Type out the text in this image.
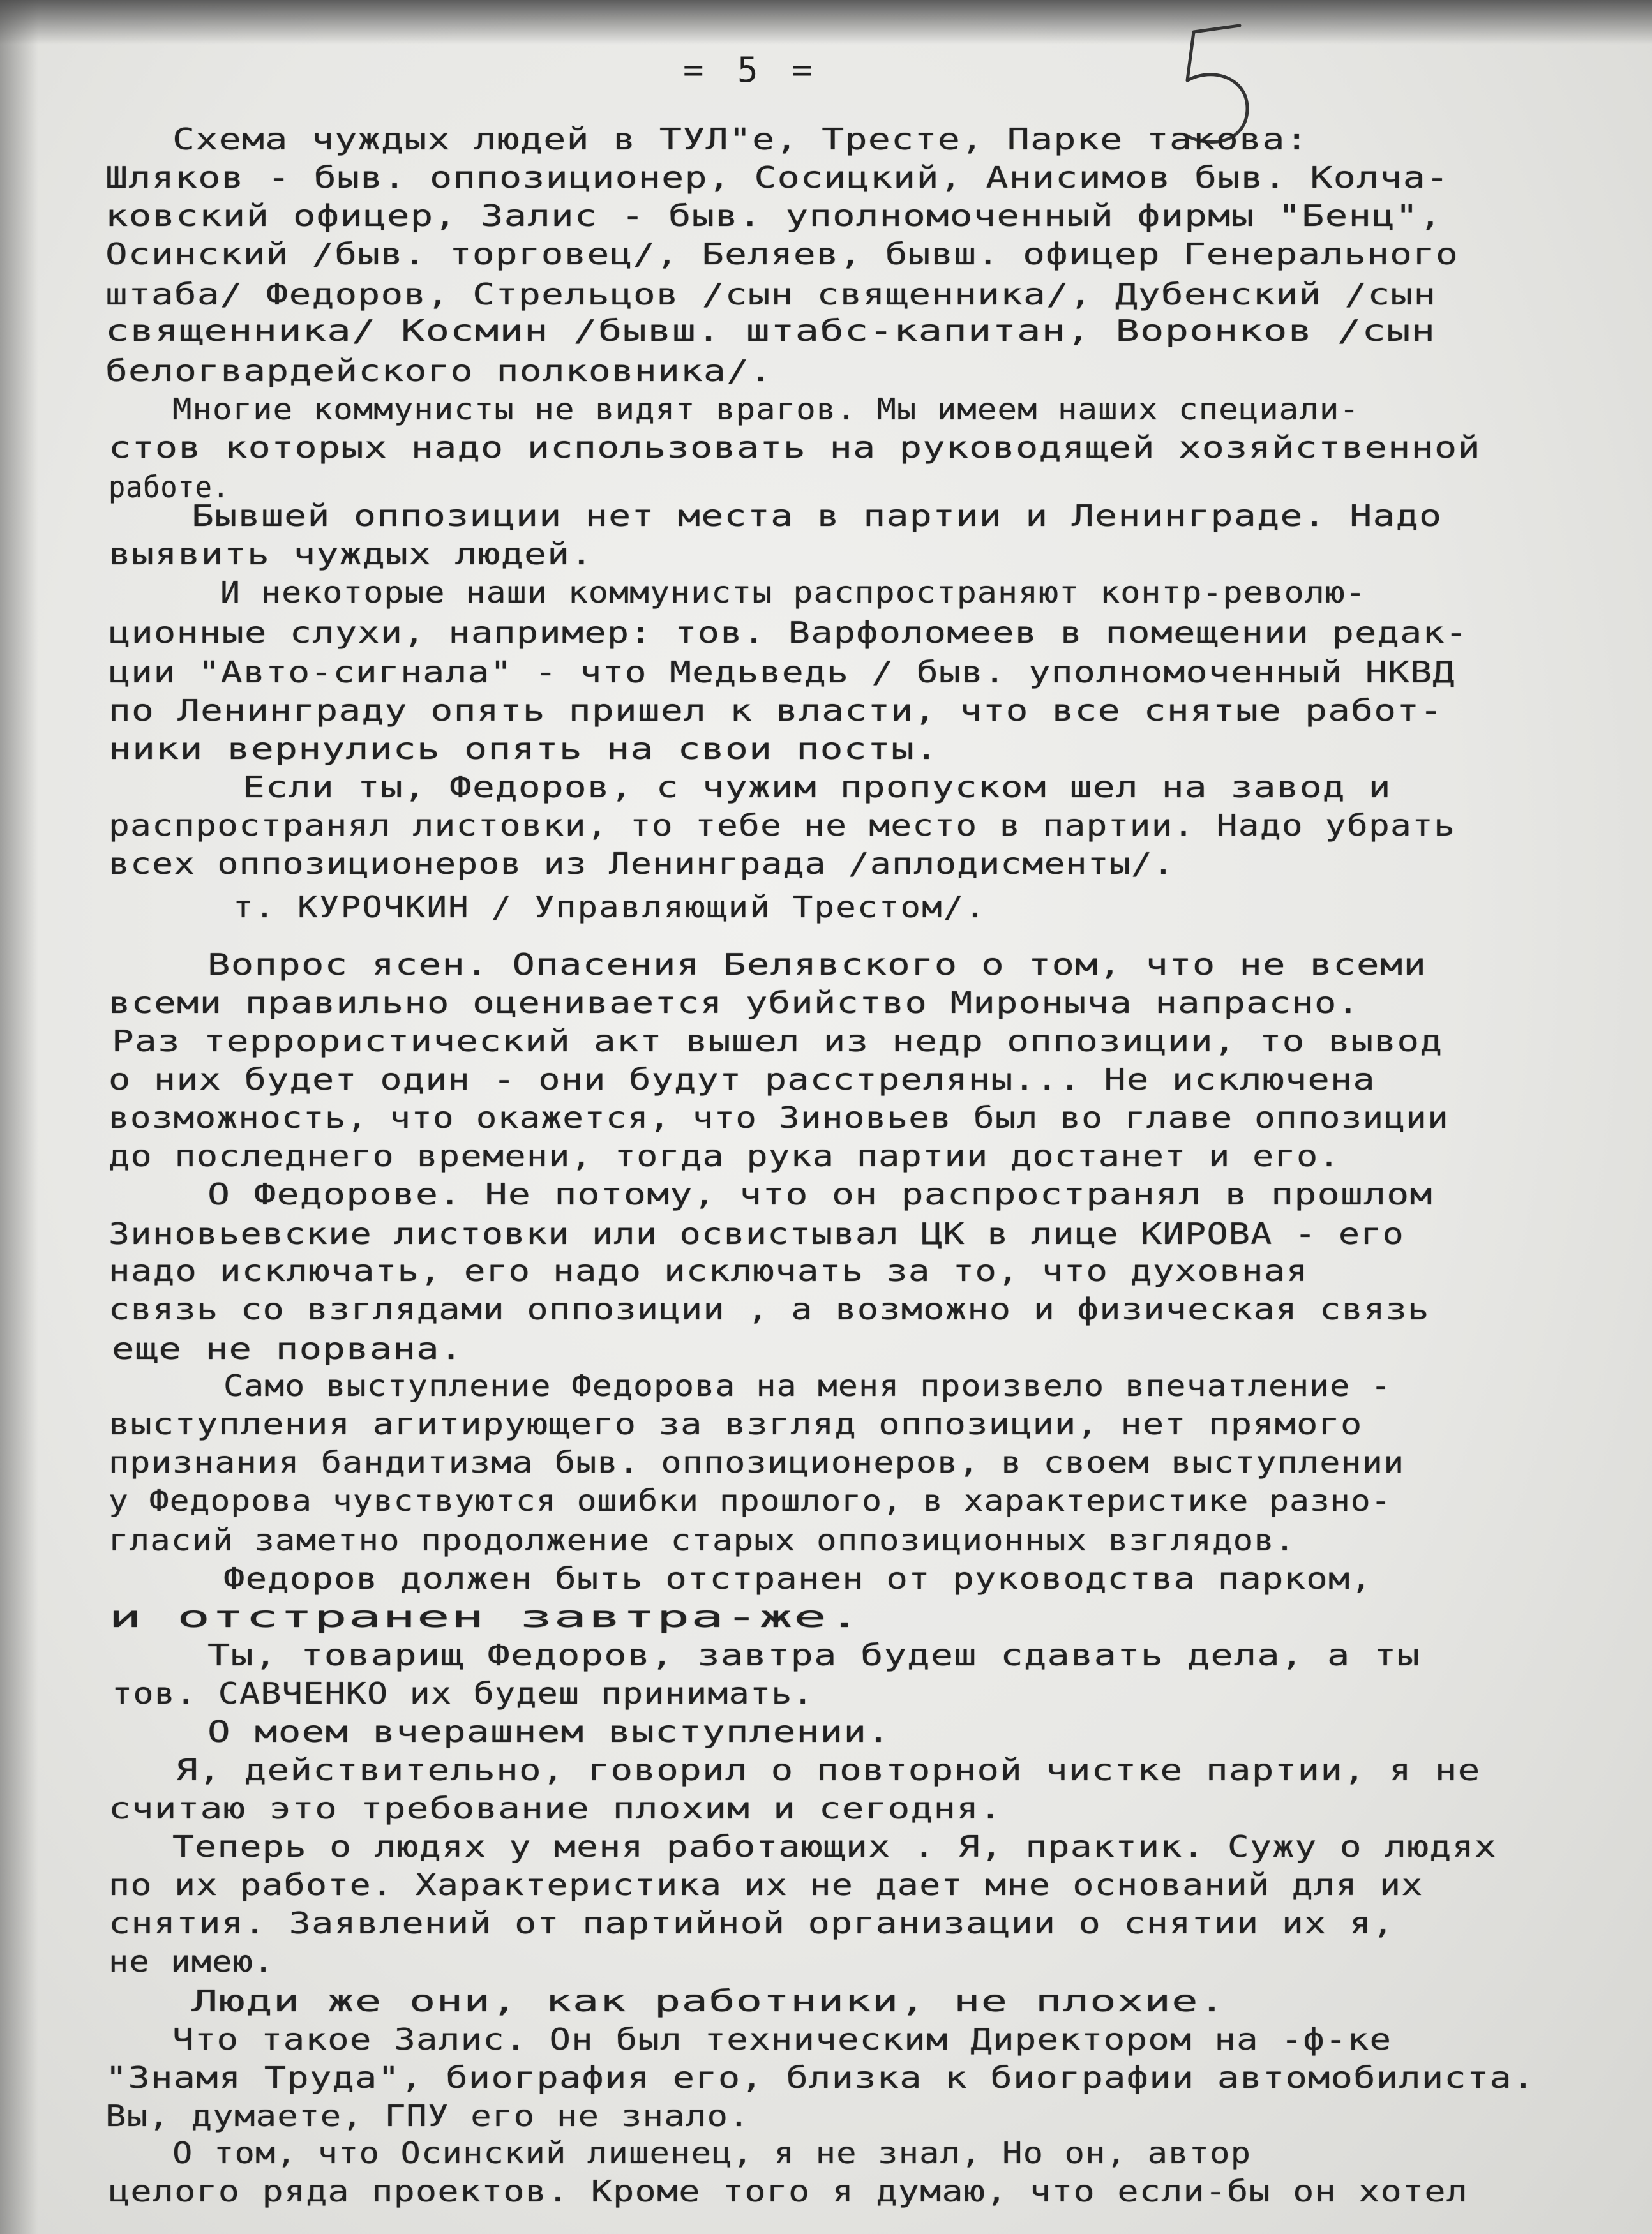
= 5 =
Схема чуждых людей в ТУЛ"е, Тресте, Парке такова:
Шляков - быв. оппозиционер, Сосицкий, Анисимов быв. Колча-
ковский офицер, Залис - быв. уполномоченный фирмы "Бенц",
Осинский /быв. торговец/, Беляев, бывш. офицер Генерального
штаба/ Федоров, Стрельцов /сын священника/, Дубенский /сын
священника/ Космин /бывш. штабс-капитан, Воронков /сын
белогвардейского полковника/.
Многие коммунисты не видят врагов. Мы имеем наших специали-
стов которых надо использовать на руководящей хозяйственной
работе.
Бывшей оппозиции нет места в партии и Ленинграде. Надо
выявить чуждых людей.
И некоторые наши коммунисты распространяют контр-револю-
ционные слухи, например: тов. Варфоломеев в помещении редак-
ции "Авто-сигнала" - что Медьведь / быв. уполномоченный НКВД
по Ленинграду опять пришел к власти, что все снятые работ-
ники вернулись опять на свои посты.
Если ты, Федоров, с чужим пропуском шел на завод и
распространял листовки, то тебе не место в партии. Надо убрать
всех оппозиционеров из Ленинграда /аплодисменты/.
т. КУРОЧКИН / Управляющий Трестом/.
Вопрос ясен. Опасения Белявского о том, что не всеми
всеми правильно оценивается убийство Мироныча напрасно.
Раз террористический акт вышел из недр оппозиции, то вывод
о них будет один - они будут расстреляны... Не исключена
возможность, что окажется, что Зиновьев был во главе оппозиции
до последнего времени, тогда рука партии достанет и его.
О Федорове. Не потому, что он распространял в прошлом
Зиновьевские листовки или освистывал ЦК в лице КИРОВА - его
надо исключать, его надо исключать за то, что духовная
связь со взглядами оппозиции , а возможно и физическая связь
еще не порвана.
Само выступление Федорова на меня произвело впечатление -
выступления агитирующего за взгляд оппозиции, нет прямого
признания бандитизма быв. оппозиционеров, в своем выступлении
у Федорова чувствуются ошибки прошлого, в характеристике разно-
гласий заметно продолжение старых оппозиционных взглядов.
Федоров должен быть отстранен от руководства парком,
и отстранен завтра-же.
Ты, товарищ Федоров, завтра будеш сдавать дела, а ты
тов. САВЧЕНКО их будеш принимать.
О моем вчерашнем выступлении.
Я, действительно, говорил о повторной чистке партии, я не
считаю это требование плохим и сегодня.
Теперь о людях у меня работающих . Я, практик. Сужу о людях
по их работе. Характеристика их не дает мне оснований для их
снятия. Заявлений от партийной организации о снятии их я,
не имею.
Люди же они, как работники, не плохие.
Что такое Залис. Он был техническим Директором на -ф-ке
"Знамя Труда", биография его, близка к биографии автомобилиста.
Вы, думаете, ГПУ его не знало.
О том, что Осинский лишенец, я не знал, Но он, автор
целого ряда проектов. Кроме того я думаю, что если-бы он хотел
